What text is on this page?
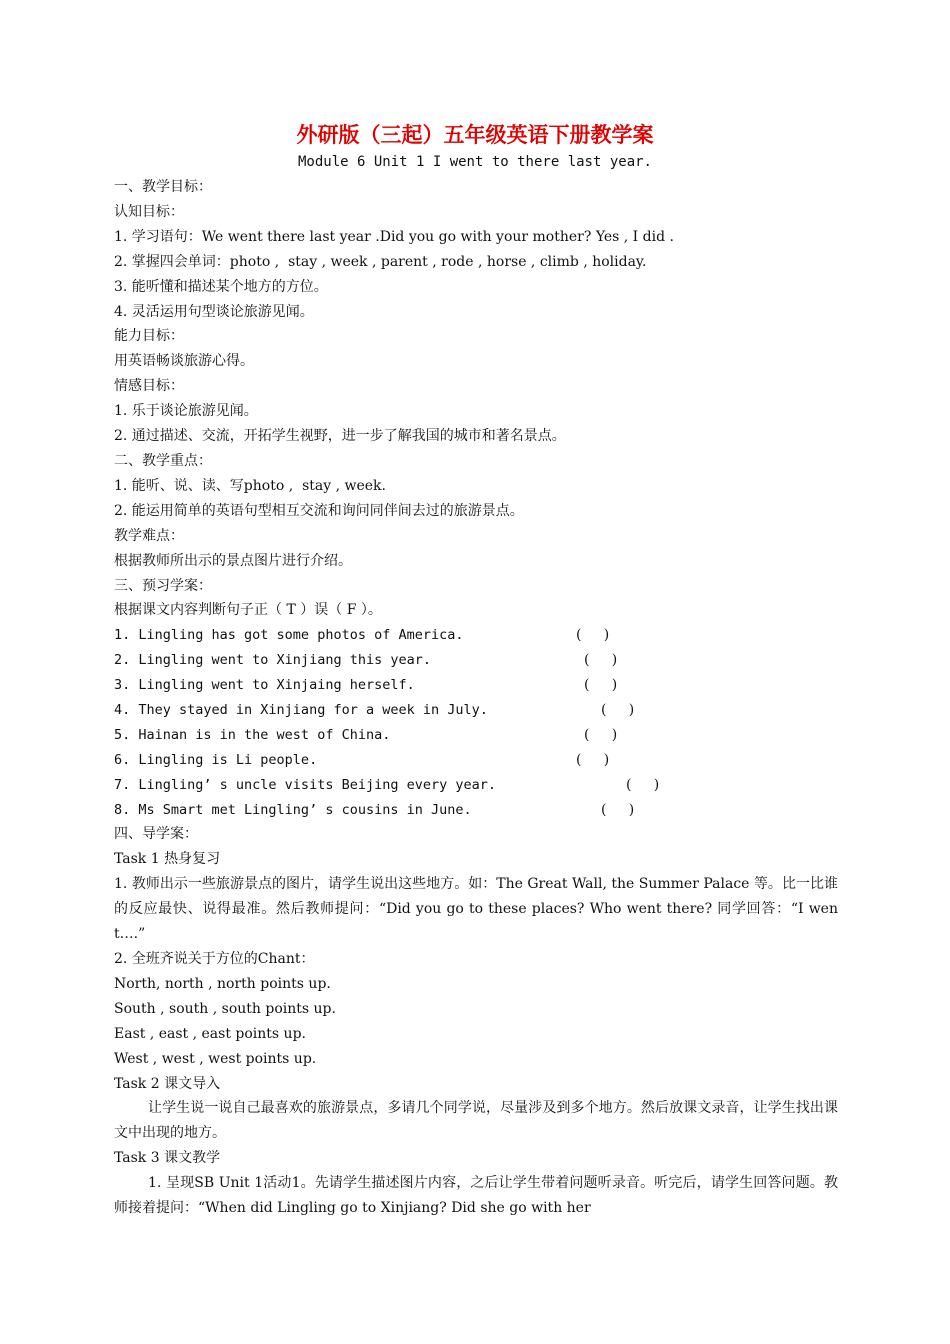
外研版（三起）五年级英语下册教学案
Module 6 Unit 1 I went to there last year.

一、教学目标：

认知目标：

1. 学习语句：We went there last year .Did you go with your mother? Yes , I did .

2. 掌握四会单词：photo ,  stay , week , parent , rode , horse , climb , holiday.

3. 能听懂和描述某个地方的方位。

4. 灵活运用句型谈论旅游见闻。

能力目标：

用英语畅谈旅游心得。

情感目标：

1. 乐于谈论旅游见闻。

2. 通过描述、交流，开拓学生视野，进一步了解我国的城市和著名景点。

二、教学重点：

1. 能听、说、读、写photo ,  stay , week.

2. 能运用简单的英语句型相互交流和询问同伴间去过的旅游景点。

教学难点：

根据教师所出示的景点图片进行介绍。

三、预习学案：

根据课文内容判断句子正（ T ）误（ F ）。

1. Lingling has got some photos of America.	(     )
2. Lingling went to Xinjiang this year.	(     )
3. Lingling went to Xinjaing herself.	(     )
4. They stayed in Xinjiang for a week in July.	(     )
5. Hainan is in the west of China.	(     )
6. Lingling is Li people.	(     )
7. Lingling’ s uncle visits Beijing every year.	(     )
8. Ms Smart met Lingling’ s cousins in June.	(     )

四、导学案：

Task 1 热身复习

1. 教师出示一些旅游景点的图片，请学生说出这些地方。如：The Great Wall, the Summer Palace 等。比一比谁的反应最快、说得最准。然后教师提问：“Did you go to these places? Who went there? 同学回答：“I went….”

2. 全班齐说关于方位的Chant：

North, north , north points up.

South , south , south points up.

East , east , east points up.

West , west , west points up.

Task 2 课文导入

让学生说一说自己最喜欢的旅游景点，多请几个同学说，尽量涉及到多个地方。然后放课文录音，让学生找出课文中出现的地方。

Task 3 课文教学

1. 呈现SB Unit 1活动1。先请学生描述图片内容，之后让学生带着问题听录音。听完后，请学生回答问题。教师接着提问：“When did Lingling go to Xinjiang? Did she go with her
